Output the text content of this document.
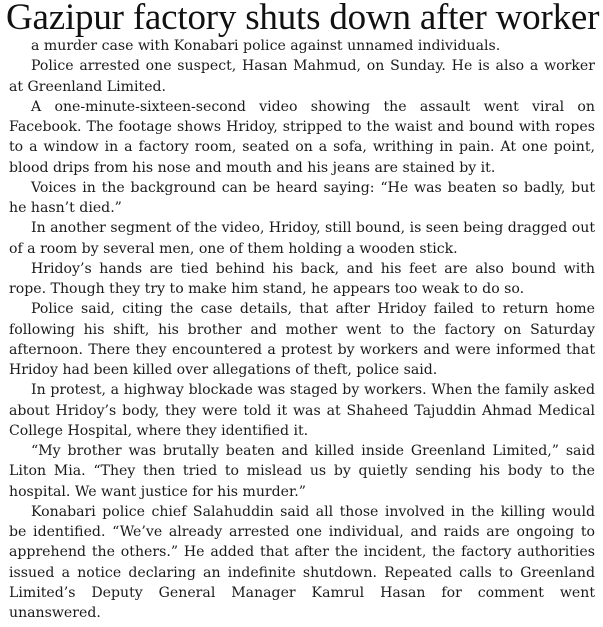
Gazipur factory shuts down after worker

a murder case with Konabari police against unnamed individuals.

Police arrested one suspect, Hasan Mahmud, on Sunday. He is also a worker at Greenland Limited.

A one-minute-sixteen-second video showing the assault went viral on Facebook. The footage shows Hridoy, stripped to the waist and bound with ropes to a window in a factory room, seated on a sofa, writhing in pain. At one point, blood drips from his nose and mouth and his jeans are stained by it.

Voices in the background can be heard saying: “He was beaten so badly, but he hasn’t died.”

In another segment of the video, Hridoy, still bound, is seen being dragged out of a room by several men, one of them holding a wooden stick.

Hridoy’s hands are tied behind his back, and his feet are also bound with rope. Though they try to make him stand, he appears too weak to do so.

Police said, citing the case details, that after Hridoy failed to return home following his shift, his brother and mother went to the factory on Saturday afternoon. There they encountered a protest by workers and were informed that Hridoy had been killed over allegations of theft, police said.

In protest, a highway blockade was staged by workers. When the family asked about Hridoy’s body, they were told it was at Shaheed Tajuddin Ahmad Medical College Hospital, where they identified it.

“My brother was brutally beaten and killed inside Greenland Limited,” said Liton Mia. “They then tried to mislead us by quietly sending his body to the hospital. We want justice for his murder.”

Konabari police chief Salahuddin said all those involved in the killing would be identified. “We’ve already arrested one individual, and raids are ongoing to apprehend the others.” He added that after the incident, the factory authorities issued a notice declaring an indefinite shutdown. Repeated calls to Greenland Limited’s Deputy General Manager Kamrul Hasan for comment went unanswered.
